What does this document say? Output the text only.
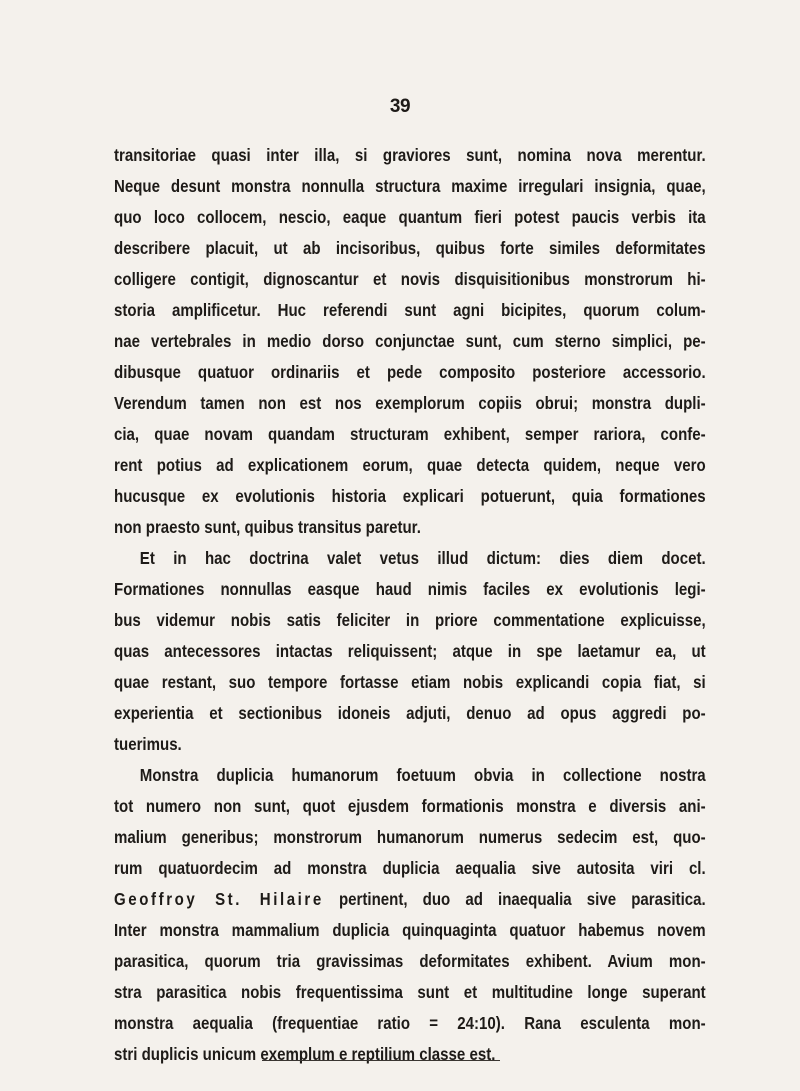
39
transitoriae quasi inter illa, si graviores sunt, nomina nova merentur.
Neque desunt monstra nonnulla structura maxime irregulari insignia, quae,
quo loco collocem, nescio, eaque quantum fieri potest paucis verbis ita
describere placuit, ut ab incisoribus, quibus forte similes deformitates
colligere contigit, dignoscantur et novis disquisitionibus monstrorum hi-
storia amplificetur. Huc referendi sunt agni bicipites, quorum colum-
nae vertebrales in medio dorso conjunctae sunt, cum sterno simplici, pe-
dibusque quatuor ordinariis et pede composito posteriore accessorio.
Verendum tamen non est nos exemplorum copiis obrui; monstra dupli-
cia, quae novam quandam structuram exhibent, semper rariora, confe-
rent potius ad explicationem eorum, quae detecta quidem, neque vero
hucusque ex evolutionis historia explicari potuerunt, quia formationes
non praesto sunt, quibus transitus paretur.
Et in hac doctrina valet vetus illud dictum: dies diem docet.
Formationes nonnullas easque haud nimis faciles ex evolutionis legi-
bus videmur nobis satis feliciter in priore commentatione explicuisse,
quas antecessores intactas reliquissent; atque in spe laetamur ea, ut
quae restant, suo tempore fortasse etiam nobis explicandi copia fiat, si
experientia et sectionibus idoneis adjuti, denuo ad opus aggredi po-
tuerimus.
Monstra duplicia humanorum foetuum obvia in collectione nostra
tot numero non sunt, quot ejusdem formationis monstra e diversis ani-
malium generibus; monstrorum humanorum numerus sedecim est, quo-
rum quatuordecim ad monstra duplicia aequalia sive autosita viri cl.
Geoffroy St. Hilaire pertinent, duo ad inaequalia sive parasitica.
Inter monstra mammalium duplicia quinquaginta quatuor habemus novem
parasitica, quorum tria gravissimas deformitates exhibent. Avium mon-
stra parasitica nobis frequentissima sunt et multitudine longe superant
monstra aequalia (frequentiae ratio = 24:10). Rana esculenta mon-
stri duplicis unicum exemplum e reptilium classe est.
